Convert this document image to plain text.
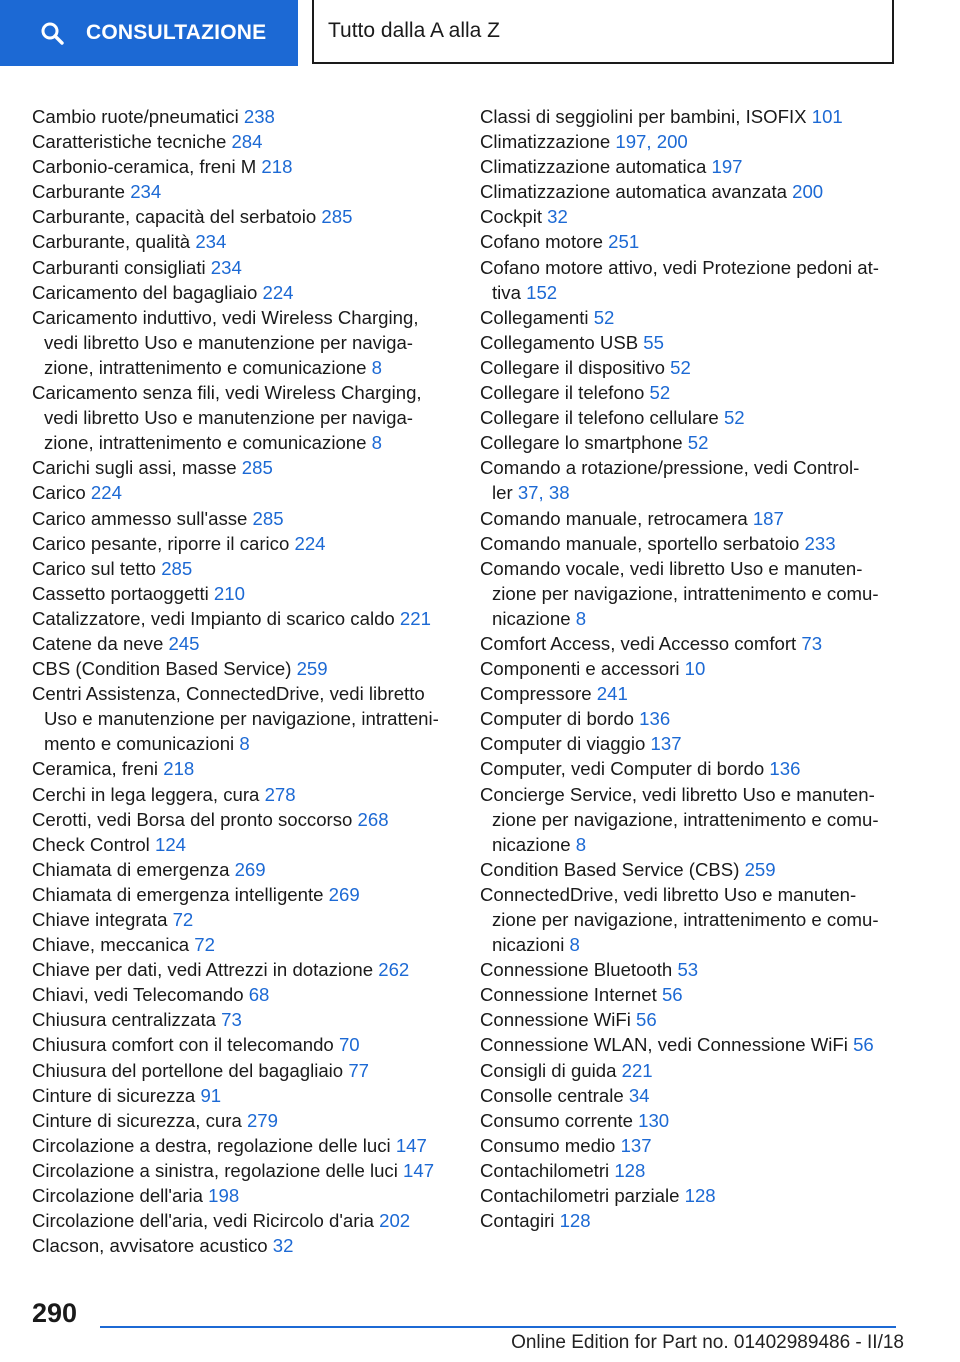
CONSULTAZIONE	Tutto dalla A alla Z
Cambio ruote/pneumatici 238
Caratteristiche tecniche 284
Carbonio-ceramica, freni M 218
Carburante 234
Carburante, capacità del serbatoio 285
Carburante, qualità 234
Carburanti consigliati 234
Caricamento del bagagliaio 224
Caricamento induttivo, vedi Wireless Charging,
vedi libretto Uso e manutenzione per naviga-
zione, intrattenimento e comunicazione 8
Caricamento senza fili, vedi Wireless Charging,
vedi libretto Uso e manutenzione per naviga-
zione, intrattenimento e comunicazione 8
Carichi sugli assi, masse 285
Carico 224
Carico ammesso sull'asse 285
Carico pesante, riporre il carico 224
Carico sul tetto 285
Cassetto portaoggetti 210
Catalizzatore, vedi Impianto di scarico caldo 221
Catene da neve 245
CBS (Condition Based Service) 259
Centri Assistenza, ConnectedDrive, vedi libretto
Uso e manutenzione per navigazione, intratteni-
mento e comunicazioni 8
Ceramica, freni 218
Cerchi in lega leggera, cura 278
Cerotti, vedi Borsa del pronto soccorso 268
Check Control 124
Chiamata di emergenza 269
Chiamata di emergenza intelligente 269
Chiave integrata 72
Chiave, meccanica 72
Chiave per dati, vedi Attrezzi in dotazione 262
Chiavi, vedi Telecomando 68
Chiusura centralizzata 73
Chiusura comfort con il telecomando 70
Chiusura del portellone del bagagliaio 77
Cinture di sicurezza 91
Cinture di sicurezza, cura 279
Circolazione a destra, regolazione delle luci 147
Circolazione a sinistra, regolazione delle luci 147
Circolazione dell'aria 198
Circolazione dell'aria, vedi Ricircolo d'aria 202
Clacson, avvisatore acustico 32
Classi di seggiolini per bambini, ISOFIX 101
Climatizzazione 197, 200
Climatizzazione automatica 197
Climatizzazione automatica avanzata 200
Cockpit 32
Cofano motore 251
Cofano motore attivo, vedi Protezione pedoni at-
tiva 152
Collegamenti 52
Collegamento USB 55
Collegare il dispositivo 52
Collegare il telefono 52
Collegare il telefono cellulare 52
Collegare lo smartphone 52
Comando a rotazione/pressione, vedi Control-
ler 37, 38
Comando manuale, retrocamera 187
Comando manuale, sportello serbatoio 233
Comando vocale, vedi libretto Uso e manuten-
zione per navigazione, intrattenimento e comu-
nicazione 8
Comfort Access, vedi Accesso comfort 73
Componenti e accessori 10
Compressore 241
Computer di bordo 136
Computer di viaggio 137
Computer, vedi Computer di bordo 136
Concierge Service, vedi libretto Uso e manuten-
zione per navigazione, intrattenimento e comu-
nicazione 8
Condition Based Service (CBS) 259
ConnectedDrive, vedi libretto Uso e manuten-
zione per navigazione, intrattenimento e comu-
nicazioni 8
Connessione Bluetooth 53
Connessione Internet 56
Connessione WiFi 56
Connessione WLAN, vedi Connessione WiFi 56
Consigli di guida 221
Consolle centrale 34
Consumo corrente 130
Consumo medio 137
Contachilometri 128
Contachilometri parziale 128
Contagiri 128
290
Online Edition for Part no. 01402989486 - II/18
